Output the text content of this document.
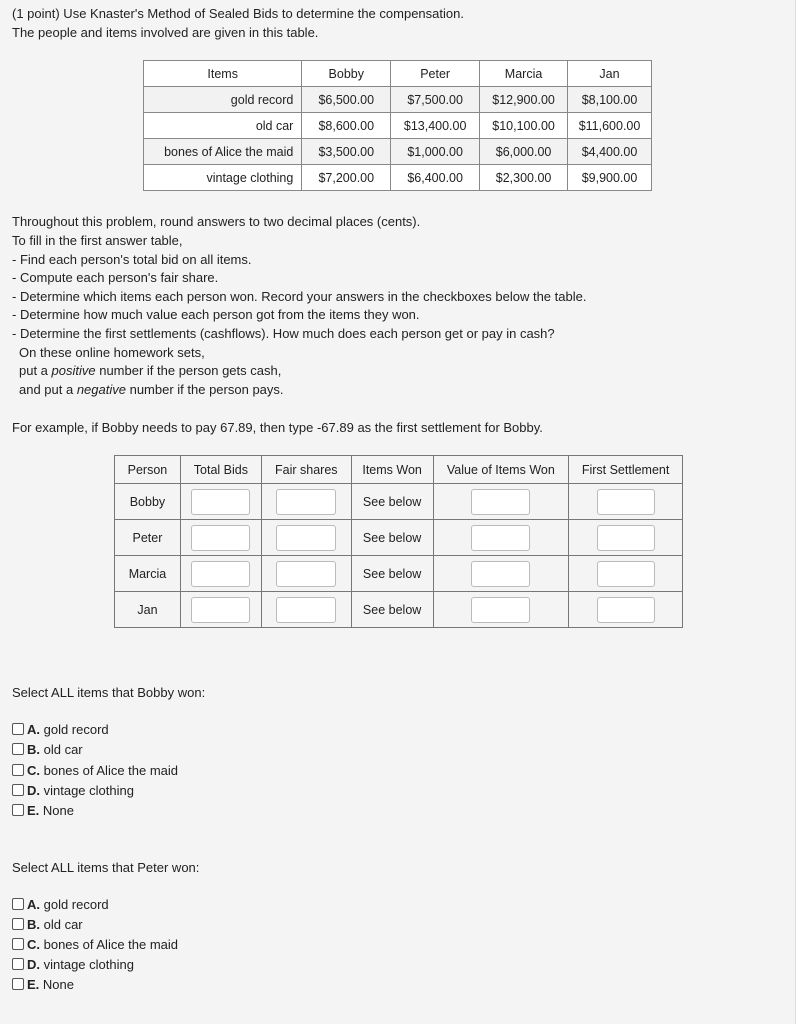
(1 point) Use Knaster's Method of Sealed Bids to determine the compensation.
The people and items involved are given in this table.
Items	Bobby	Peter	Marcia	Jan
gold record	$6,500.00	$7,500.00	$12,900.00	$8,100.00
old car	$8,600.00	$13,400.00	$10,100.00	$11,600.00
bones of Alice the maid	$3,500.00	$1,000.00	$6,000.00	$4,400.00
vintage clothing	$7,200.00	$6,400.00	$2,300.00	$9,900.00
Throughout this problem, round answers to two decimal places (cents).
To fill in the first answer table,
- Find each person's total bid on all items.
- Compute each person's fair share.
- Determine which items each person won. Record your answers in the checkboxes below the table.
- Determine how much value each person got from the items they won.
- Determine the first settlements (cashflows). How much does each person get or pay in cash?
On these online homework sets,
put a positive number if the person gets cash,
and put a negative number if the person pays.
For example, if Bobby needs to pay 67.89, then type -67.89 as the first settlement for Bobby.
Person	Total Bids	Fair shares	Items Won	Value of Items Won	First Settlement
Bobby			See below	

Peter			See below	

Marcia			See below	

Jan			See below	

Select ALL items that Bobby won:
A. gold record
B. old car
C. bones of Alice the maid
D. vintage clothing
E. None
Select ALL items that Peter won:
A. gold record
B. old car
C. bones of Alice the maid
D. vintage clothing
E. None
